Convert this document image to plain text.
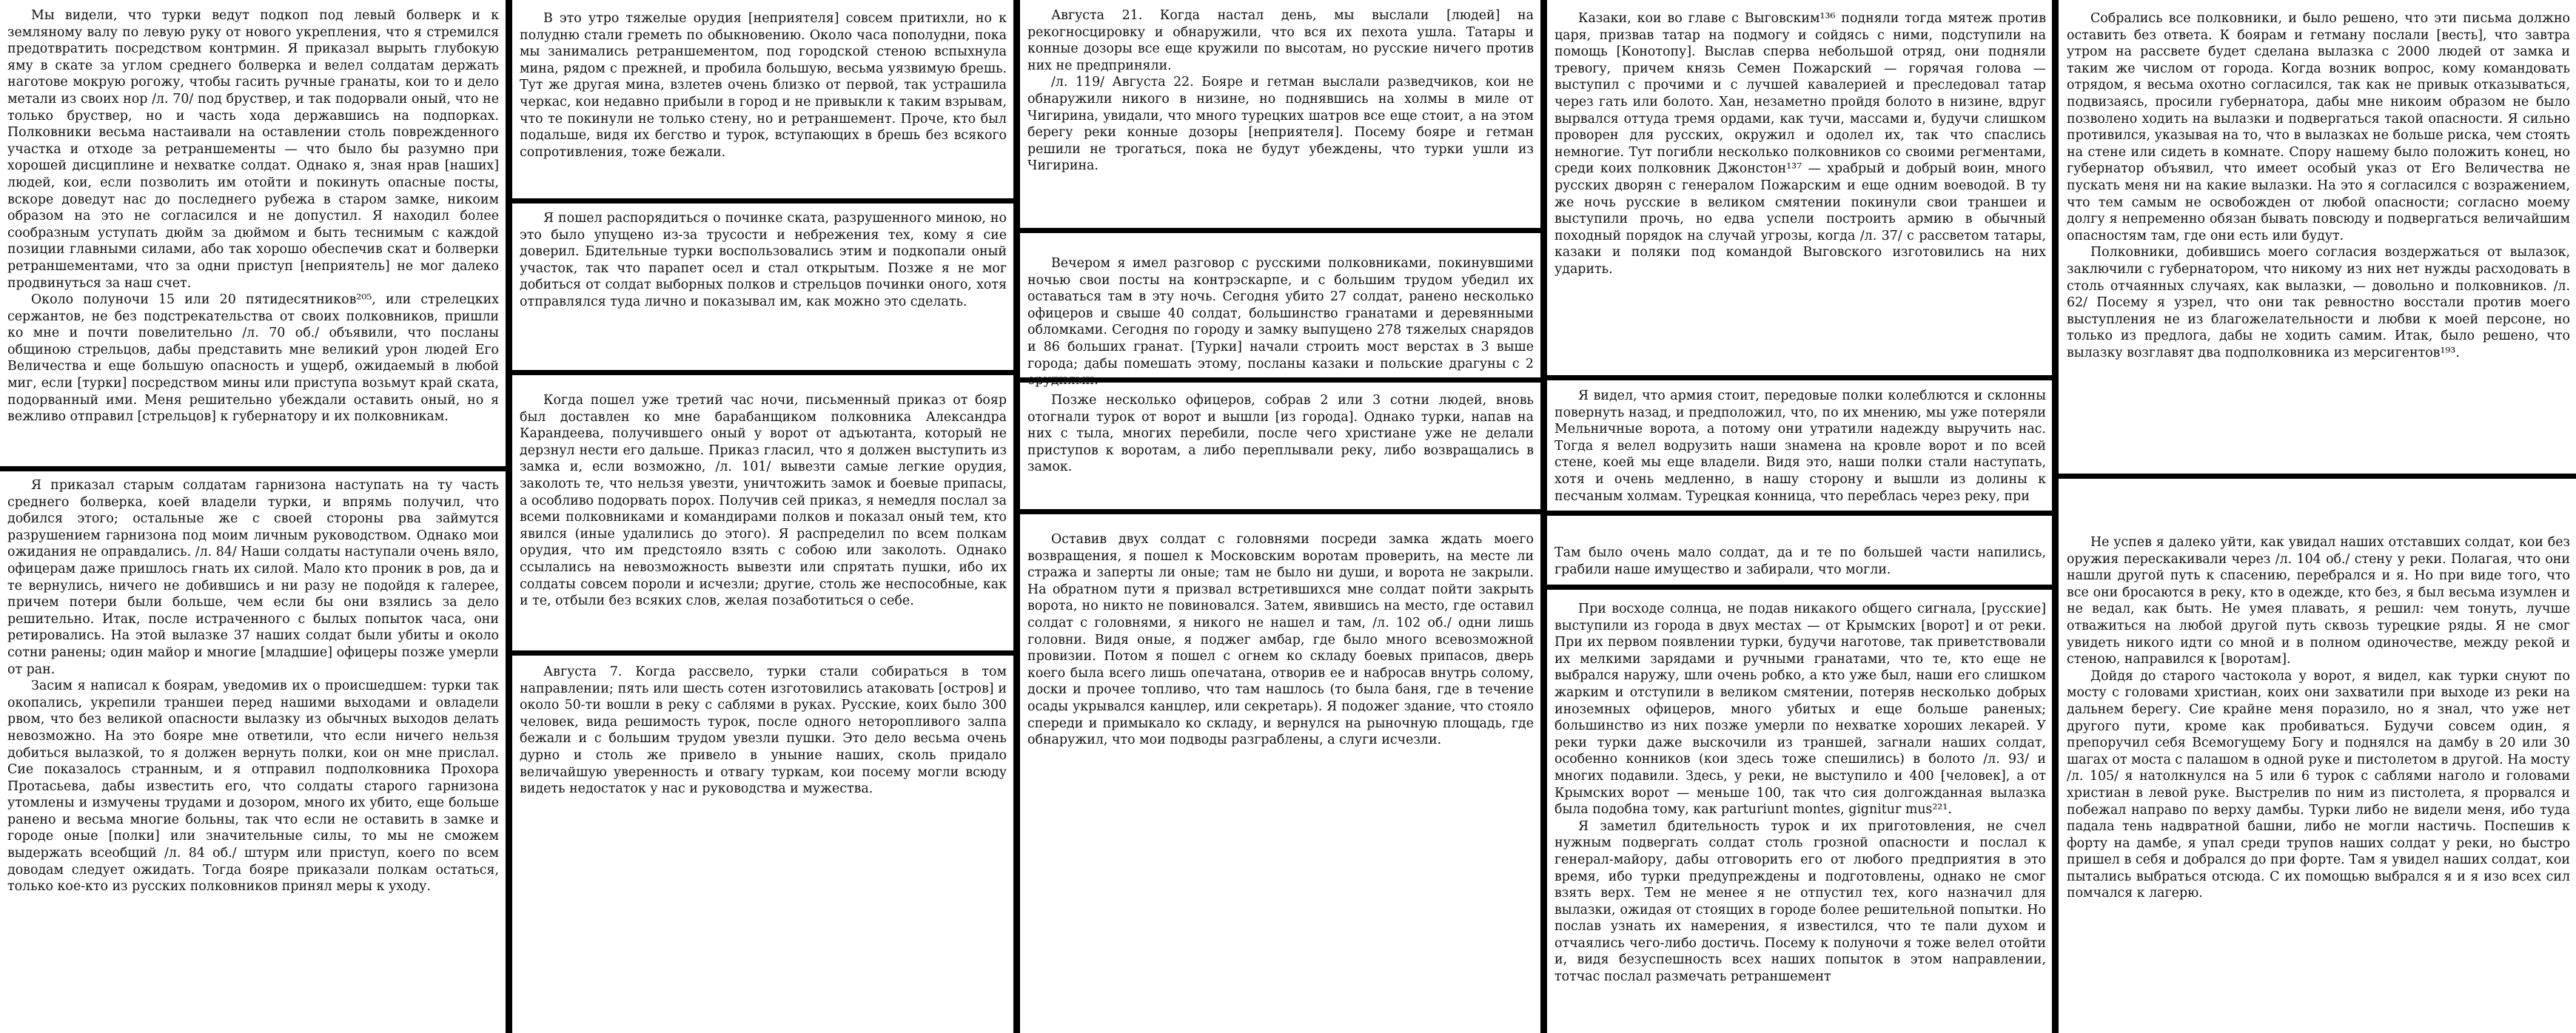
Мы видели, что турки ведут подкоп под левый болверк и к земляному валу по левую руку от нового укрепления, что я стремился предотвратить посредством контрмин. Я приказал вырыть глубокую яму в скате за углом среднего болверка и велел солдатам держать наготове мокрую рогожу, чтобы гасить ручные гранаты, кои то и дело метали из своих нор /л. 70/ под бруствер, и так подорвали оный, что не только бруствер, но и часть хода державшись на подпорках. Полковники весьма настаивали на оставлении столь поврежденного участка и отходе за ретраншементы — что было бы разумно при хорошей дисциплине и нехватке солдат. Однако я, зная нрав [наших] людей, кои, если позволить им отойти и покинуть опасные посты, вскоре доведут нас до последнего рубежа в старом замке, никоим образом на это не согласился и не допустил. Я находил более сообразным уступать дюйм за дюймом и быть теснимым с каждой позиции главными силами, або так хорошо обеспечив скат и болверки ретраншементами, что за одни приступ [неприятель] не мог далеко продвинуться за наш счет.

Около полуночи 15 или 20 пятидесятников²⁰⁵, или стрелецких сержантов, не без подстрекательства от своих полковников, пришли ко мне и почти повелительно /л. 70 об./ объявили, что посланы общиною стрельцов, дабы представить мне великий урон людей Его Величества и еще большую опасность и ущерб, ожидаемый в любой миг, если [турки] посредством мины или приступа возьмут край ската, подорванный ими. Меня решительно убеждали оставить оный, но я вежливо отправил [стрельцов] к губернатору и их полковникам.

Я приказал старым солдатам гарнизона наступать на ту часть среднего болверка, коей владели турки, и впрямь получил, что добился этого; остальные же с своей стороны рва займутся разрушением гарнизона под моим личным руководством. Однако мои ожидания не оправдались. /л. 84/ Наши солдаты наступали очень вяло, офицерам даже пришлось гнать их силой. Мало кто проник в ров, да и те вернулись, ничего не добившись и ни разу не подойдя к галерее, причем потери были больше, чем если бы они взялись за дело решительно. Итак, после истраченного с былых попыток часа, они ретировались. На этой вылазке 37 наших солдат были убиты и около сотни ранены; один майор и многие [младшие] офицеры позже умерли от ран.

Засим я написал к боярам, уведомив их о происшедшем: турки так окопались, укрепили траншеи перед нашими выходами и овладели рвом, что без великой опасности вылазку из обычных выходов делать невозможно. На это бояре мне ответили, что если ничего нельзя добиться вылазкой, то я должен вернуть полки, кои он мне прислал. Сие показалось странным, и я отправил подполковника Прохора Протасьева, дабы известить его, что солдаты старого гарнизона утомлены и измучены трудами и дозором, много их убито, еще больше ранено и весьма многие больны, так что если не оставить в замке и городе оные [полки] или значительные силы, то мы не сможем выдержать всеобщий /л. 84 об./ штурм или приступ, коего по всем доводам следует ожидать. Тогда бояре приказали полкам остаться, только кое-кто из русских полковников принял меры к уходу.

В это утро тяжелые орудия [неприятеля] совсем притихли, но к полудню стали греметь по обыкновению. Около часа пополудни, пока мы занимались ретраншементом, под городской стеною вспыхнула мина, рядом с прежней, и пробила большую, весьма уязвимую брешь. Тут же другая мина, взлетев очень близко от первой, так устрашила черкас, кои недавно прибыли в город и не привыкли к таким взрывам, что те покинули не только стену, но и ретраншемент. Проче, кто был подальше, видя их бегство и турок, вступающих в брешь без всякого сопротивления, тоже бежали.

Я пошел распорядиться о починке ската, разрушенного миною, но это было упущено из-за трусости и небрежения тех, кому я сие доверил. Бдительные турки воспользовались этим и подкопали оный участок, так что парапет осел и стал открытым. Позже я не мог добиться от солдат выборных полков и стрельцов починки оного, хотя отправлялся туда лично и показывал им, как можно это сделать.

Когда пошел уже третий час ночи, письменный приказ от бояр был доставлен ко мне барабанщиком полковника Александра Карандеева, получившего оный у ворот от адъютанта, который не дерзнул нести его дальше. Приказ гласил, что я должен выступить из замка и, если возможно, /л. 101/ вывезти самые легкие орудия, заколоть те, что нельзя увезти, уничтожить замок и боевые припасы, а особливо подорвать порох. Получив сей приказ, я немедля послал за всеми полковниками и командирами полков и показал оный тем, кто явился (иные удалились до этого). Я распределил по всем полкам орудия, что им предстояло взять с собою или заколоть. Однако ссылались на невозможность вывезти или спрятать пушки, ибо их солдаты совсем пороли и исчезли; другие, столь же неспособные, как и те, отбыли без всяких слов, желая позаботиться о себе.

Августа 7. Когда рассвело, турки стали собираться в том направлении; пять или шесть сотен изготовились атаковать [остров] и около 50-ти вошли в реку с саблями в руках. Русские, коих было 300 человек, вида решимость турок, после одного неторопливого залпа бежали и с большим трудом увезли пушки. Это дело весьма очень дурно и столь же привело в уныние наших, сколь придало величайшую уверенность и отвагу туркам, кои посему могли всюду видеть недостаток у нас и руководства и мужества.

Августа 21. Когда настал день, мы выслали [людей] на рекогносцировку и обнаружили, что вся их пехота ушла. Татары и конные дозоры все еще кружили по высотам, но русские ничего против них не предприняли.

/л. 119/ Августа 22. Бояре и гетман выслали разведчиков, кои не обнаружили никого в низине, но поднявшись на холмы в миле от Чигирина, увидали, что много турецких шатров все еще стоит, а на этом берегу реки конные дозоры [неприятеля]. Посему бояре и гетман решили не трогаться, пока не будут убеждены, что турки ушли из Чигирина.

Вечером я имел разговор с русскими полковниками, покинувшими ночью свои посты на контрэскарпе, и с большим трудом убедил их оставаться там в эту ночь. Сегодня убито 27 солдат, ранено несколько офицеров и свыше 40 солдат, большинство гранатами и деревянными обломками. Сегодня по городу и замку выпущено 278 тяжелых снарядов и 86 больших гранат. [Турки] начали строить мост верстах в 3 выше города; дабы помешать этому, посланы казаки и польские драгуны с 2 орудиями.

Позже несколько офицеров, собрав 2 или 3 сотни людей, вновь отогнали турок от ворот и вышли [из города]. Однако турки, напав на них с тыла, многих перебили, после чего христиане уже не делали приступов к воротам, а либо переплывали реку, либо возвращались в замок.

Оставив двух солдат с головнями посреди замка ждать моего возвращения, я пошел к Московским воротам проверить, на месте ли стража и заперты ли оные; там не было ни души, и ворота не закрыли. На обратном пути я призвал встретившихся мне солдат пойти закрыть ворота, но никто не повиновался. Затем, явившись на место, где оставил солдат с головнями, я никого не нашел и там, /л. 102 об./ одни лишь головни. Видя оные, я поджег амбар, где было много всевозможной провизии. Потом я пошел с огнем ко складу боевых припасов, дверь коего была всего лишь опечатана, отворив ее и набросав внутрь солому, доски и прочее топливо, что там нашлось (то была баня, где в течение осады укрывался канцлер, или секретарь). Я подожег здание, что стояло спереди и примыкало ко складу, и вернулся на рыночную площадь, где обнаружил, что мои подводы разграблены, а слуги исчезли.

Казаки, кои во главе с Выговским¹³⁶ подняли тогда мятеж против царя, призвав татар на подмогу и сойдясь с ними, подступили на помощь [Конотопу]. Выслав сперва небольшой отряд, они подняли тревогу, причем князь Семен Пожарский — горячая голова — выступил с прочими и с лучшей кавалерией и преследовал татар через гать или болото. Хан, незаметно пройдя болото в низине, вдруг вырвался оттуда тремя ордами, как тучи, массами и, будучи слишком проворен для русских, окружил и одолел их, так что спаслись немногие. Тут погибли несколько полковников со своими регментами, среди коих полковник Джонстон¹³⁷ — храбрый и добрый воин, много русских дворян с генералом Пожарским и еще одним воеводой. В ту же ночь русские в великом смятении покинули свои траншеи и выступили прочь, но едва успели построить армию в обычный походный порядок на случай угрозы, когда /л. 37/ с рассветом татары, казаки и поляки под командой Выговского изготовились на них ударить.

Я видел, что армия стоит, передовые полки колеблются и склонны повернуть назад, и предположил, что, по их мнению, мы уже потеряли Мельничные ворота, а потому они утратили надежду выручить нас. Тогда я велел водрузить наши знамена на кровле ворот и по всей стене, коей мы еще владели. Видя это, наши полки стали наступать, хотя и очень медленно, в нашу сторону и вышли из долины к песчаным холмам. Турецкая конница, что переблась через реку, при

Там было очень мало солдат, да и те по большей части напились, грабили наше имущество и забирали, что могли.

При восходе солнца, не подав никакого общего сигнала, [русские] выступили из города в двух местах — от Крымских [ворот] и от реки. При их первом появлении турки, будучи наготове, так приветствовали их мелкими зарядами и ручными гранатами, что те, кто еще не выбрался наружу, шли очень робко, а кто уже был, наши его слишком жарким и отступили в великом смятении, потеряв несколько добрых иноземных офицеров, много убитых и еще больше раненых; большинство из них позже умерли по нехватке хороших лекарей. У реки турки даже выскочили из траншей, загнали наших солдат, особенно конников (кои здесь тоже спешились) в болото /л. 93/ и многих подавили. Здесь, у реки, не выступило и 400 [человек], а от Крымских ворот — меньше 100, так что сия долгожданная вылазка была подобна тому, как parturiunt montes, gignitur mus²²¹.

Я заметил бдительность турок и их приготовления, не счел нужным подвергать солдат столь грозной опасности и послал к генерал-майору, дабы отговорить его от любого предприятия в это время, ибо турки предупреждены и подготовлены, однако не смог взять верх. Тем не менее я не отпустил тех, кого назначил для вылазки, ожидая от стоящих в городе более решительной попытки. Но послав узнать их намерения, я известился, что те пали духом и отчаялись чего-либо достичь. Посему к полуночи я тоже велел отойти и, видя безуспешность всех наших попыток в этом направлении, тотчас послал размечать ретраншемент

Собрались все полковники, и было решено, что эти письма должно оставить без ответа. К боярам и гетману послали [весть], что завтра утром на рассвете будет сделана вылазка с 2000 людей от замка и таким же числом от города. Когда возник вопрос, кому командовать отрядом, я весьма охотно согласился, так как не привык отказываться, подвизаясь, просили губернатора, дабы мне никоим образом не было позволено ходить на вылазки и подвергаться такой опасности. Я сильно противился, указывая на то, что в вылазках не больше риска, чем стоять на стене или сидеть в комнате. Спору нашему было положить конец, но губернатор объявил, что имеет особый указ от Его Величества не пускать меня ни на какие вылазки. На это я согласился с возражением, что тем самым не освобожден от любой опасности; согласно моему долгу я непременно обязан бывать повсюду и подвергаться величайшим опасностям там, где они есть или будут.

Полковники, добившись моего согласия воздержаться от вылазок, заключили с губернатором, что никому из них нет нужды расходовать в столь отчаянных случаях, как вылазки, — довольно и полковников. /л. 62/ Посему я узрел, что они так ревностно восстали против моего выступления не из благожелательности и любви к моей персоне, но только из предлога, дабы не ходить самим. Итак, было решено, что вылазку возглавят два подполковника из мерсигентов¹⁹³.

Не успев я далеко уйти, как увидал наших отставших солдат, кои без оружия перескакивали через /л. 104 об./ стену у реки. Полагая, что они нашли другой путь к спасению, перебрался и я. Но при виде того, что все они бросаются в реку, кто в одежде, кто без, я был весьма изумлен и не ведал, как быть. Не умея плавать, я решил: чем тонуть, лучше отважиться на любой другой путь сквозь турецкие ряды. Я не смог увидеть никого идти со мной и в полном одиночестве, между рекой и стеною, направился к [воротам].

Дойдя до старого частокола у ворот, я видел, как турки снуют по мосту с головами христиан, коих они захватили при выходе из реки на дальнем берегу. Сие крайне меня поразило, но я знал, что уже нет другого пути, кроме как пробиваться. Будучи совсем один, я препоручил себя Всемогущему Богу и поднялся на дамбу в 20 или 30 шагах от моста с палашом в одной руке и пистолетом в другой. На мосту /л. 105/ я натолкнулся на 5 или 6 турок с саблями наголо и головами христиан в левой руке. Выстрелив по ним из пистолета, я прорвался и побежал направо по верху дамбы. Турки либо не видели меня, ибо туда падала тень надвратной башни, либо не могли настичь. Поспешив к форту на дамбе, я упал среди трупов наших солдат у реки, но быстро пришел в себя и добрался до при форте. Там я увидел наших солдат, кои пытались выбраться отсюда. С их помощью выбрался я и я изо всех сил помчался к лагерю.
